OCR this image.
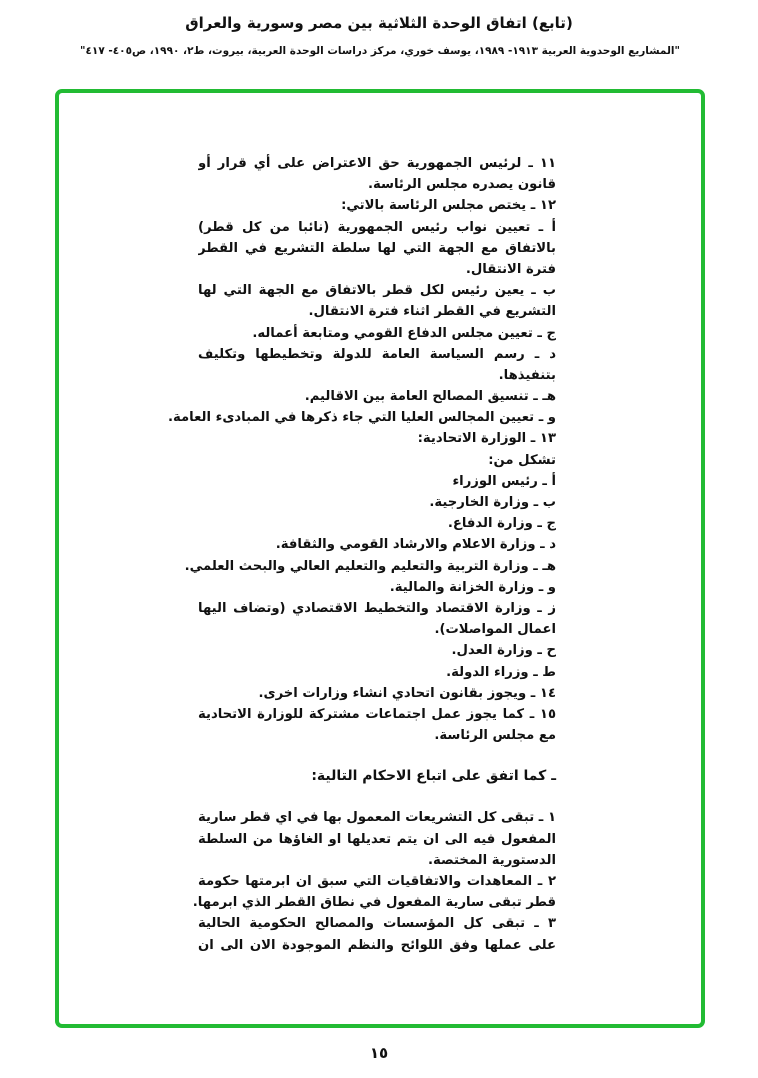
(تابع) اتفاق الوحدة الثلاثية بين مصر وسورية والعراق
"المشاريع الوحدوية العربية ١٩١٣- ١٩٨٩، يوسف خوري، مركز دراسات الوحدة العربية، بيروت، ط٢، ١٩٩٠، ص٤٠٥- ٤١٧"
١١ ـ لرئيس الجمهورية حق الاعتراض على أي قرار أو
قانون يصدره مجلس الرئاسة.
١٢ ـ يختص مجلس الرئاسة بالاتي:
أ ـ تعيين نواب رئيس الجمهورية (نائبا من كل قطر)
بالاتفاق مع الجهة التي لها سلطة التشريع في القطر
فترة الانتقال.
ب ـ يعين رئيس لكل قطر بالاتفاق مع الجهة التي لها
التشريع في القطر اثناء فترة الانتقال.
ج ـ تعيين مجلس الدفاع القومي ومتابعة أعماله.
د ـ رسم السياسة العامة للدولة وتخطيطها وتكليف
بتنفيذها.
هـ ـ تنسيق المصالح العامة بين الاقاليم.
و ـ تعيين المجالس العليا التي جاء ذكرها في المبادىء العامة.
١٣ ـ الوزارة الاتحادية:
تشكل من:
أ ـ رئيس الوزراء
ب ـ وزارة الخارجية.
ج ـ وزارة الدفاع.
د ـ وزارة الاعلام والارشاد القومي والثقافة.
هـ ـ وزارة التربية والتعليم والتعليم العالي والبحث العلمي.
و ـ وزارة الخزانة والمالية.
ز ـ وزارة الاقتصاد والتخطيط الاقتصادي (وتضاف اليها
اعمال المواصلات).
ح ـ وزارة العدل.
ط ـ وزراء الدولة.
١٤ ـ ويجوز بقانون اتحادي انشاء وزارات اخرى.
١٥ ـ كما يجوز عمل اجتماعات مشتركة للوزارة الاتحادية
مع مجلس الرئاسة.
ـ كما اتفق على اتباع الاحكام التالية:
١ ـ تبقى كل التشريعات المعمول بها في اي قطر سارية
المفعول فيه الى ان يتم تعديلها او الغاؤها من السلطة
الدستورية المختصة.
٢ ـ المعاهدات والاتفاقيات التي سبق ان ابرمتها حكومة
قطر تبقى سارية المفعول في نطاق القطر الذي ابرمها.
٣ ـ تبقى كل المؤسسات والمصالح الحكومية الحالية
على عملها وفق اللوائح والنظم الموجودة الان الى ان
١٥
